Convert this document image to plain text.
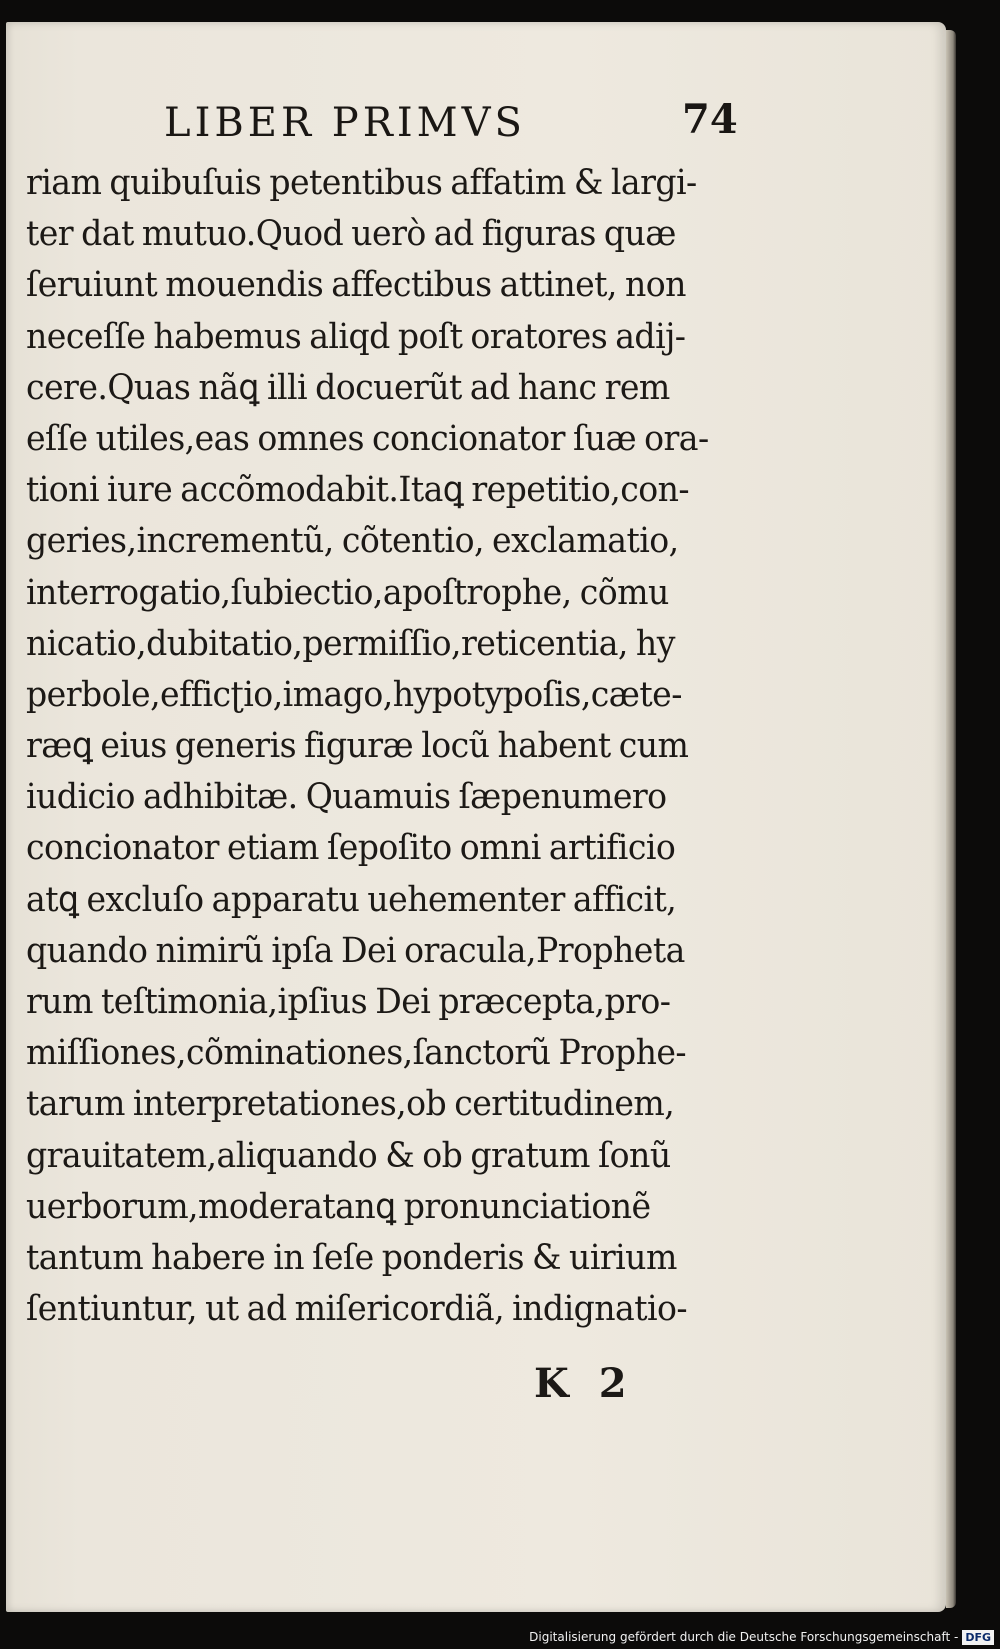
LIBER PRIMVS	74
riam quibuſuis petentibus affatim & largi-
ter dat mutuo.Quod uerò ad figuras quæ
ſeruiunt mouendis affectibus attinet, non
neceſſe habemus aliqd poſt oratores adij-
cere.Quas nãꝗ illi docuerũt ad hanc rem
eſſe utiles,eas omnes concionator ſuæ ora-
tioni iure accõmodabit.Itaꝗ repetitio,con-
geries,incrementũ, cõtentio, exclamatio,
interrogatio,ſubiectio,apoſtrophe, cõmu
nicatio,dubitatio,permiſſio,reticentia, hy
perbole,efficʈio,imago,hypotypoſis,cæte-
ræꝗ eius generis figuræ locũ habent cum
iudicio adhibitæ. Quamuis ſæpenumero
concionator etiam ſepoſito omni artificio
atꝗ excluſo apparatu uehementer afficit,
quando nimirũ ipſa Dei oracula,Propheta
rum teſtimonia,ipſius Dei præcepta,pro-
miſſiones,cõminationes,ſanctorũ Prophe-
tarum interpretationes,ob certitudinem,
grauitatem,aliquando & ob gratum ſonũ
uerborum,moderatanꝗ pronunciationẽ
tantum habere in ſeſe ponderis & uirium
ſentiuntur, ut ad miſericordiã, indignatio-
K 2
Digitalisierung gefördert durch die Deutsche Forschungsgemeinschaft - DFG
